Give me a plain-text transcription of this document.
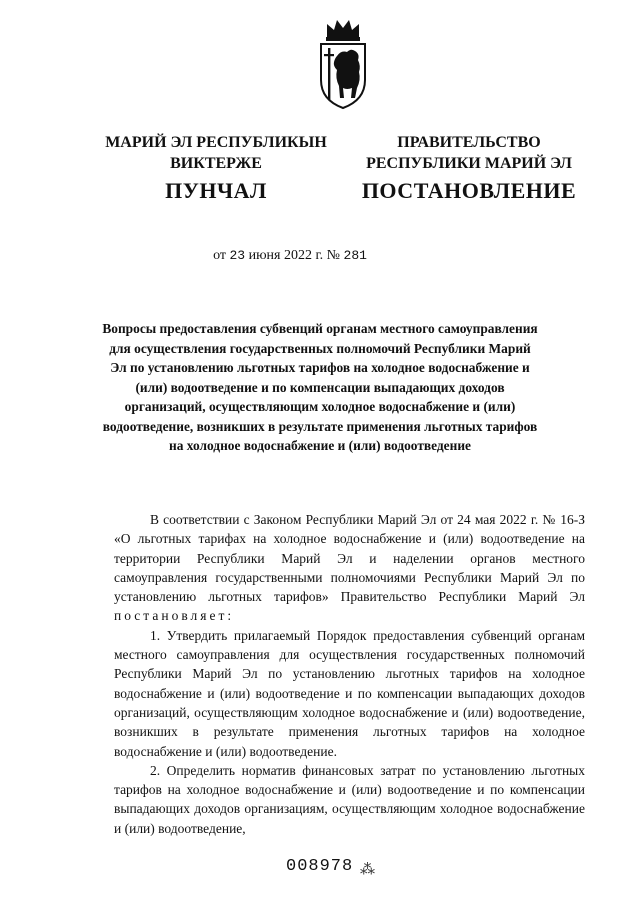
МАРИЙ ЭЛ РЕСПУБЛИКЫН
ВИКТЕРЖЕ
ПУНЧАЛ
ПРАВИТЕЛЬСТВО
РЕСПУБЛИКИ МАРИЙ ЭЛ
ПОСТАНОВЛЕНИЕ
от 23 июня 2022 г. № 281
Вопросы предоставления субвенций органам местного самоуправления для осуществления государственных полномочий Республики Марий Эл по установлению льготных тарифов на холодное водоснабжение и (или) водоотведение и по компенсации выпадающих доходов организаций, осуществляющим холодное водоснабжение и (или) водоотведение, возникших в результате применения льготных тарифов на холодное водоснабжение и (или) водоотведение

В соответствии с Законом Республики Марий Эл от 24 мая 2022 г. № 16-З «О льготных тарифах на холодное водоснабжение и (или) водоотведение на территории Республики Марий Эл и наделении органов местного самоуправления государственными полномочиями Республики Марий Эл по установлению льготных тарифов» Правительство Республики Марий Эл постановляет:

1. Утвердить прилагаемый Порядок предоставления субвенций органам местного самоуправления для осуществления государственных полномочий Республики Марий Эл по установлению льготных тарифов на холодное водоснабжение и (или) водоотведение и по компенсации выпадающих доходов организаций, осуществляющим холодное водоснабжение и (или) водоотведение, возникших в результате применения льготных тарифов на холодное водоснабжение и (или) водоотведение.

2. Определить норматив финансовых затрат по установлению льготных тарифов на холодное водоснабжение и (или) водоотведение и по компенсации выпадающих доходов организациям, осуществляющим холодное водоснабжение и (или) водоотведение,

008978 ⁂
